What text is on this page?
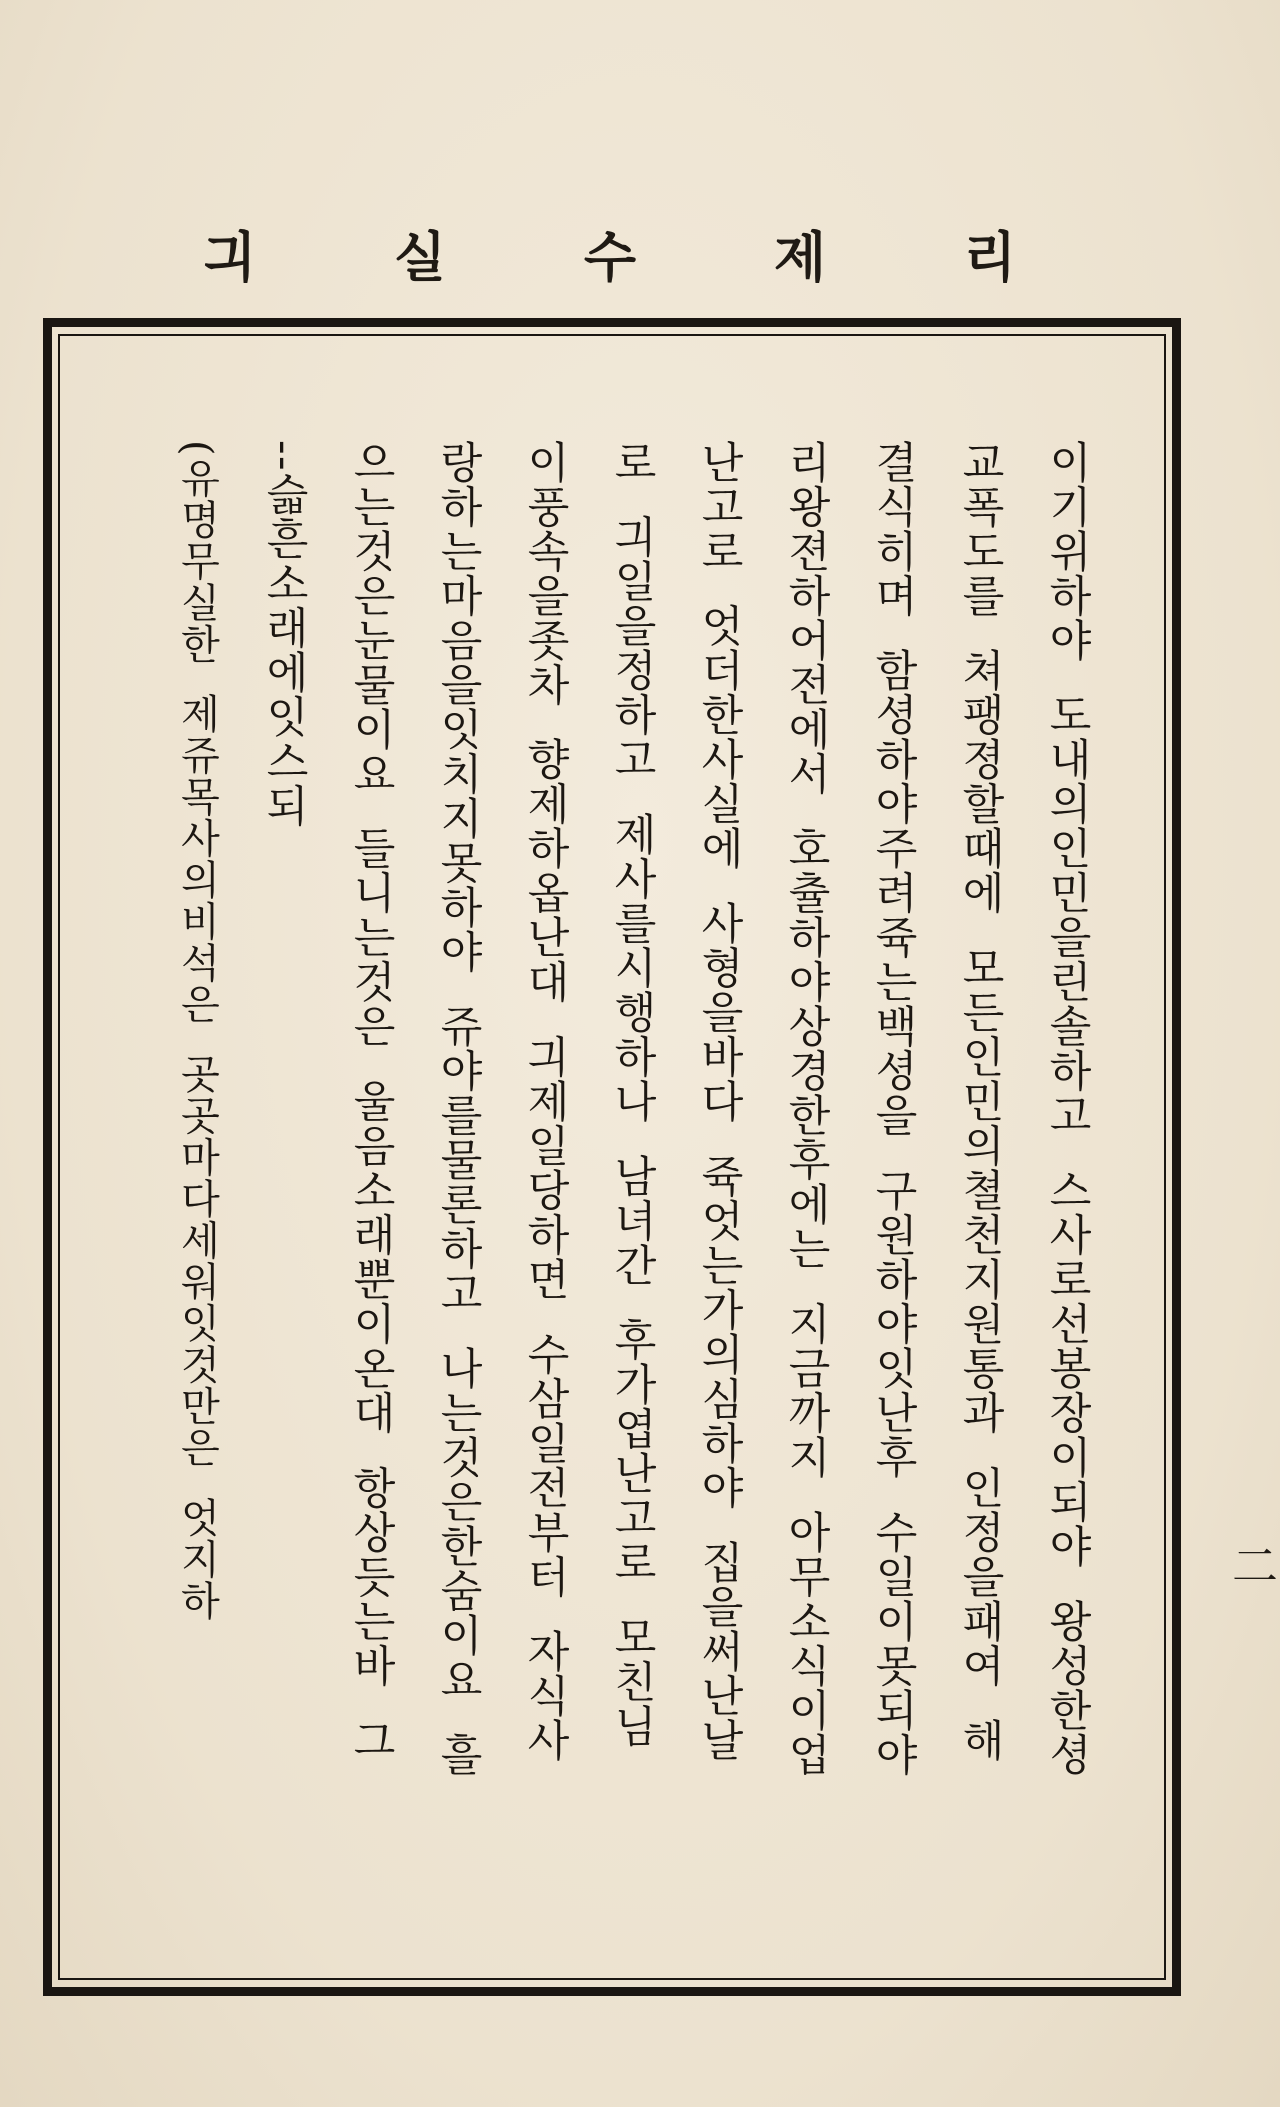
리
제
수
실
긔
二
이기위하야  도내의인민을린솔하고  스사로선봉장이되야  왕성한셩
교폭도를  쳐팽졍할때에  모든인민의쳘천지원통과  인정을패여  해
결식히며  함셩하야주려쥭는백셩을  구원하야잇난후  수일이못되야
리왕젼하어전에서  호츌하야상경한후에는  지금까지  아무소식이업
난고로  엇더한사실에  사형을바다  쥭엇는가의심하야  집을써난날
로  긔일을정하고  제사를시행하나  남녀간  후가엽난고로  모친님
이풍속을좃차  향제하옵난대  긔제일당하면  수삼일전부터  자식사
랑하는마음을잇치지못하야  쥬야를물론하고  나는것은한숨이요  흘
으는것은눈물이요  들니는것은  울음소래뿐이온대  항상듯는바  그
--슯흔소래에잇스되
(유명무실한  제쥬목사의비석은  곳곳마다세워잇것만은  엇지하
